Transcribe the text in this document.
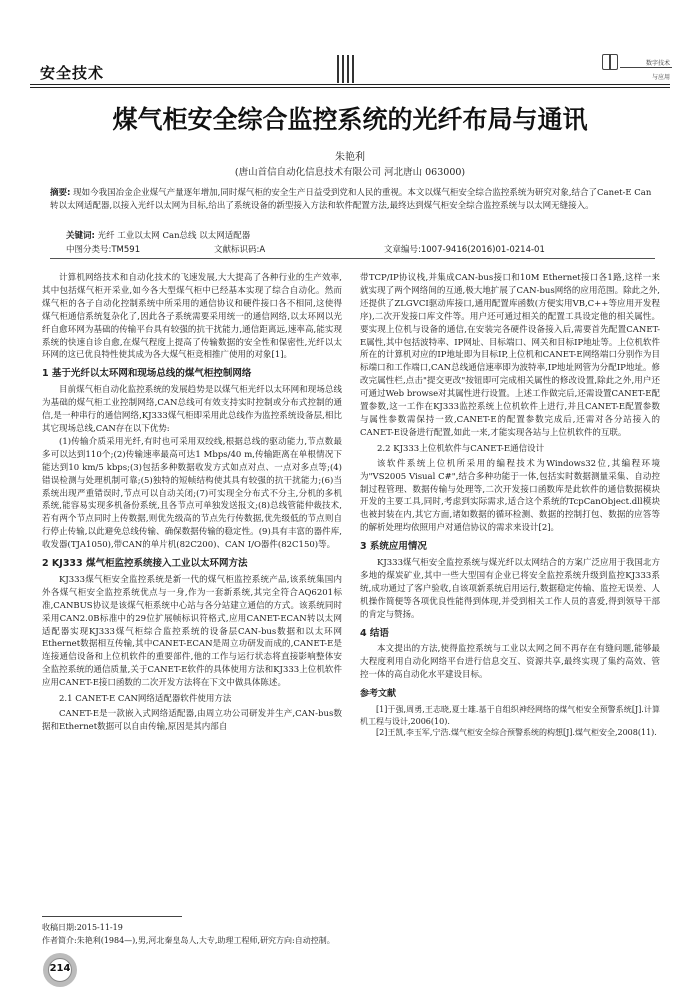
安全技术
数字技术
与应用
煤气柜安全综合监控系统的光纤布局与通讯
朱艳利
(唐山首信自动化信息技术有限公司 河北唐山 063000)
摘要: 现如今我国冶金企业煤气产量逐年增加,同时煤气柜的安全生产日益受到党和人民的重视。本文以煤气柜安全综合监控系统为研究对象,结合了Canet-E Can转以太网适配器,以接入光纤以太网为目标,给出了系统设备的新型接入方法和软件配置方法,最终达到煤气柜安全综合监控系统与以太网无缝接入。
关键词: 光纤 工业以太网 Can总线 以太网适配器
中图分类号:TM591	文献标识码:A	文章编号:1007-9416(2016)01-0214-01

计算机网络技术和自动化技术的飞速发展,大大提高了各种行业的生产效率,其中包括煤气柜开采业,如今各大型煤气柜中已经基本实现了综合自动化。然而煤气柜的各子自动化控制系统中所采用的通信协议和硬件接口各不相同,这使得煤气柜通信系统复杂化了,因此各子系统需要采用统一的通信网络,以太环网以光纤自愈环网为基础的传输平台具有较强的抗干扰能力,通信距离远,速率高,能实现系统的快速自诊自愈,在煤气程度上提高了传输数据的安全性和保密性,光纤以太环网的这已优良特性使其成为各大煤气柜竞相推广使用的对象[1]。

1 基于光纤以太环网和现场总线的煤气柜控制网络

目前煤气柜自动化监控系统的发展趋势是以煤气柜光纤以太环网和现场总线为基础的煤气柜工业控制网络,CAN总线可有效支持实时控制或分布式控制的通信,是一种串行的通信网络,KJ333煤气柜即采用此总线作为监控系统设备层,相比其它现场总线,CAN存在以下优势:

(1)传输介质采用光纤,有时也可采用双绞线,根据总线的驱动能力,节点数最多可以达到110个;(2)传输速率最高可达1 Mbps/40 m,传输距离在单根情况下能达到10 km/5 kbps;(3)包括多种数据收发方式如点对点、一点对多点等;(4)错误检测与处理机制可靠;(5)独特的短帧结构使其具有较强的抗干扰能力;(6)当系统出现严重错误时,节点可以自动关闭;(7)可实现全分布式不分主,分机的多机系统,能容易实现多机备份系统,且各节点可单独发送报文;(8)总线管能仲裁技术,若有两个节点同时上传数据,则优先级高的节点先行传数据,优先级低的节点则自行停止传输,以此避免总线传输、确保数据传输的稳定性。(9)具有丰富的器件库,收发器(TJA1050),带CAN的单片机(82C200)、CAN I/O器件(82C150)等。

2 KJ333 煤气柜监控系统接入工业以太环网方法

KJ333煤气柜安全监控系统是新一代的煤气柜监控系统产品,该系统集国内外各煤气柜安全监控系统优点与一身,作为一套新系统,其完全符合AQ6201标准,CANBUS协议是该煤气柜系统中心站与各分站建立通信的方式。该系统同时采用CAN2.0B标准中的29位扩展帧标识符格式,应用CANET-ECAN转以太网适配器实现KJ333煤气柜综合监控系统的设备层CAN-bus数据和以太环网Ethernet数据相互传输,其中CANET-ECAN是周立功研发而成的,CANET-E是连接通信设备和上位机软件的重要部件,他的工作与运行状态将直接影响整体安全监控系统的通信质量,关于CANET-E软件的具体使用方法和KJ333上位机软件应用CANET-E接口函数的二次开发方法将在下文中做具体陈述。

2.1 CANET-E CAN网络适配器软件使用方法

CANET-E是一款嵌入式网络适配器,由周立功公司研发并生产,CAN-bus数据和Ethernet数据可以自由传输,原因是其内部自

带TCP/IP协议栈,并集成CAN-bus接口和10M Ethernet接口各1路,这样一来就实现了两个网络间的互通,极大地扩展了CAN-bus网络的应用范围。除此之外,还提供了ZLGVCI驱动库接口,通用配置库函数(方便实用VB,C++等应用开发程序),二次开发接口库文件等。用户还可通过相关的配置工具设定他的相关属性。要实现上位机与设备的通信,在安装完各硬件设备接入后,需要首先配置CANET-E属性,其中包括波特率、IP网址、目标端口、网关和目标IP地址等。上位机软件所在的计算机对应的IP地址即为目标IP,上位机和CANET-E网络端口分别作为目标端口和工作端口,CAN总线通信速率即为波特率,IP地址网管为分配IP地址。修改完属性栏,点击"提交更改"按钮即可完成相关属性的修改设置,除此之外,用户还可通过Web browse对其属性进行设置。上述工作做完后,还需设置CANET-E配置参数,这一工作在KJ333监控系统上位机软件上进行,并且CANET-E配置参数与属性参数需保持一致,CANET-E的配置参数完成后,还需对各分站接入的CANET-E设备进行配置,如此一来,才能实现各站与上位机软件的互联。

2.2 KJ333上位机软件与CANET-E通信设计

该软件系统上位机所采用的编程技术为Windows32位,其编程环境为"VS2005 Visual C#",结合多种功能于一体,包括实时数据测量采集、自动控制过程管理、数据传输与处理等,二次开发接口函数库是此软件的通信数据模块开发的主要工具,同时,考虑到实际需求,适合这个系统的TcpCanObject.dll模块也被封装在内,其它方面,诸如数据的循环检测、数据的控制打包、数据的应答等的解析处理均依照用户对通信协议的需求来设计[2]。

3 系统应用情况

KJ333煤气柜安全监控系统与煤光纤以太网结合的方案广泛应用于我国北方多地的煤炭矿业,其中一些大型国有企业已将安全监控系统升级到监控KJ333系统,成功通过了客户验收,自该项新系统启用运行,数据稳定传输、监控无误差、人机操作简便等各项优良性能得到体现,并受到相关工作人员的喜爱,得到领导干部的肯定与赞扬。

4 结语

本文提出的方法,使得监控系统与工业以太网之间不再存在有缝问题,能够最大程度利用自动化网络平台进行信息交互、资源共享,最终实现了集约高效、管控一体的高自动化水平建设目标。

参考文献

[1]于强,周勇,王志晓,夏士雄.基于自组织神经网络的煤气柜安全预警系统[J].计算机工程与设计,2006(10).

[2]王凯,李玉军,宁浩.煤气柜安全综合预警系统的构想[J].煤气柜安全,2008(11).

收稿日期:2015-11-19
作者简介:朱艳利(1984—),男,河北秦皇岛人,大专,助理工程师,研究方向:自动控制。
214
